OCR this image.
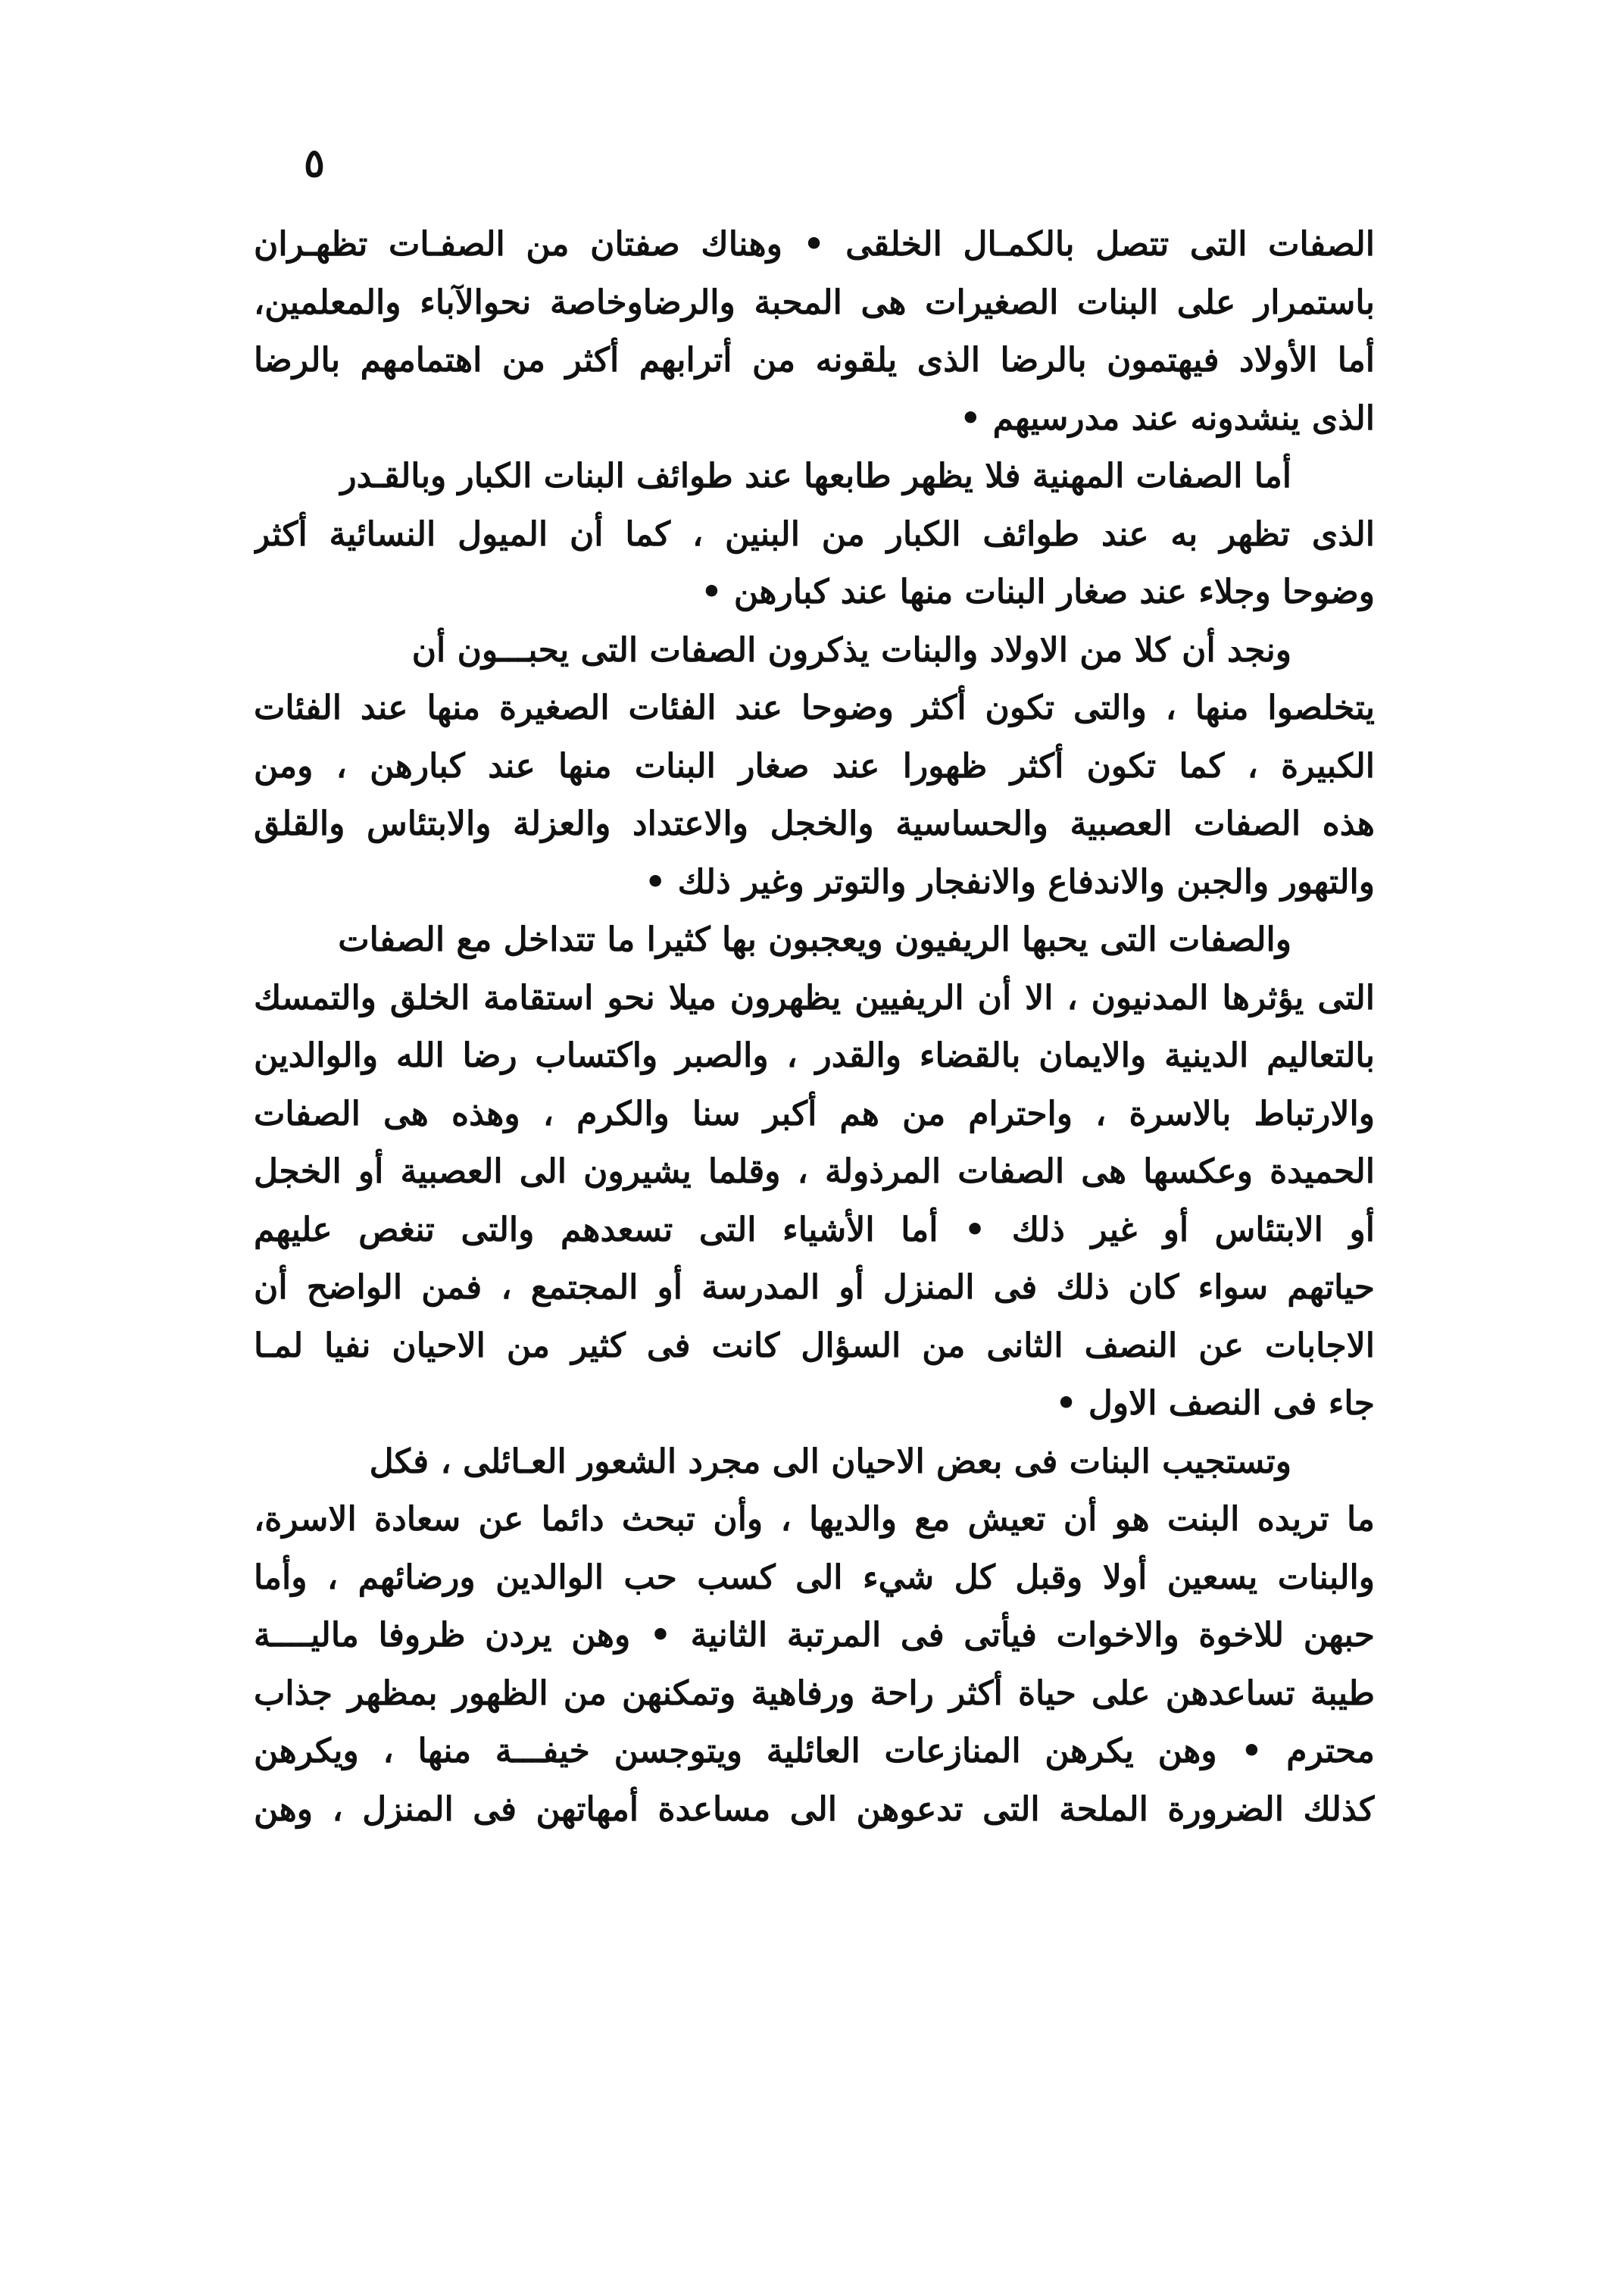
٥
الصفات التى تتصل بالكمـال الخلقى • وهناك صفتان من الصفـات تظهـران
باستمرار على البنات الصغيرات هى المحبة والرضاوخاصة نحوالآباء والمعلمين،
أما الأولاد فيهتمون بالرضا الذى يلقونه من أترابهم أكثر من اهتمامهم بالرضا
الذى ينشدونه عند مدرسيهم •
أما الصفات المهنية فلا يظهر طابعها عند طوائف البنات الكبار وبالقـدر
الذى تظهر به عند طوائف الكبار من البنين ، كما أن الميول النسائية أكثر
وضوحا وجلاء عند صغار البنات منها عند كبارهن •
ونجد أن كلا من الاولاد والبنات يذكرون الصفات التى يحبـــون أن
يتخلصوا منها ، والتى تكون أكثر وضوحا عند الفئات الصغيرة منها عند الفئات
الكبيرة ، كما تكون أكثر ظهورا عند صغار البنات منها عند كبارهن ، ومن
هذه الصفات العصبية والحساسية والخجل والاعتداد والعزلة والابتئاس والقلق
والتهور والجبن والاندفاع والانفجار والتوتر وغير ذلك •
والصفات التى يحبها الريفيون ويعجبون بها كثيرا ما تتداخل مع الصفات
التى يؤثرها المدنيون ، الا أن الريفيين يظهرون ميلا نحو استقامة الخلق والتمسك
بالتعاليم الدينية والايمان بالقضاء والقدر ، والصبر واكتساب رضا الله والوالدين
والارتباط بالاسرة ، واحترام من هم أكبر سنا والكرم ، وهذه هى الصفات
الحميدة وعكسها هى الصفات المرذولة ، وقلما يشيرون الى العصبية أو الخجل
أو الابتئاس أو غير ذلك • أما الأشياء التى تسعدهم والتى تنغص عليهم
حياتهم سواء كان ذلك فى المنزل أو المدرسة أو المجتمع ، فمن الواضح أن
الاجابات عن النصف الثانى من السؤال كانت فى كثير من الاحيان نفيا لمـا
جاء فى النصف الاول •
وتستجيب البنات فى بعض الاحيان الى مجرد الشعور العـائلى ، فكل
ما تريده البنت هو أن تعيش مع والديها ، وأن تبحث دائما عن سعادة الاسرة،
والبنات يسعين أولا وقبل كل شيء الى كسب حب الوالدين ورضائهم ، وأما
حبهن للاخوة والاخوات فيأتى فى المرتبة الثانية • وهن يردن ظروفا ماليــــة
طيبة تساعدهن على حياة أكثر راحة ورفاهية وتمكنهن من الظهور بمظهر جذاب
محترم • وهن يكرهن المنازعات العائلية ويتوجسن خيفـــة منها ، ويكرهن
كذلك الضرورة الملحة التى تدعوهن الى مساعدة أمهاتهن فى المنزل ، وهن
